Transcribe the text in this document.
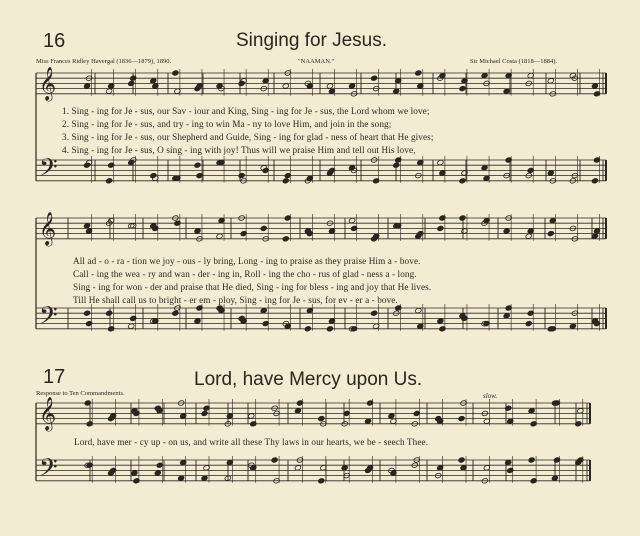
𝄞
𝄢
𝄞
𝄢
𝄞
𝄢
16	Singing for Jesus.
Miss Frances Ridley Havergal (1836—1879), 1890.	"NAAMAN."	Sir Michael Costa (1818—1884).
1. Sing - ing for Je - sus, our Sav - iour and King, Sing - ing for Je - sus, the Lord whom we love;
2. Sing - ing for Je - sus, and try - ing to win Ma - ny to love Him, and join in the song;
3. Sing - ing for Je - sus, our Shepherd and Guide, Sing - ing for glad - ness of heart that He gives;
4. Sing - ing for Je - sus, O sing - ing with joy! Thus will we praise Him and tell out His love,
All ad - o - ra - tion we joy - ous - ly bring, Long - ing to praise as they praise Him a - bove.
Call - ing the wea - ry and wan - der - ing in, Roll - ing the cho - rus of glad - ness a - long.
Sing - ing for won - der and praise that He died, Sing - ing for bless - ing and joy that He lives.
Till He shall call us to bright - er em - ploy, Sing - ing for Je - sus, for ev - er a - bove.
17	Lord, have Mercy upon Us.
Response to Ten Commandments.	slow.
Lord, have mer - cy up - on us, and write all these Thy laws in our hearts, we be - seech Thee.
